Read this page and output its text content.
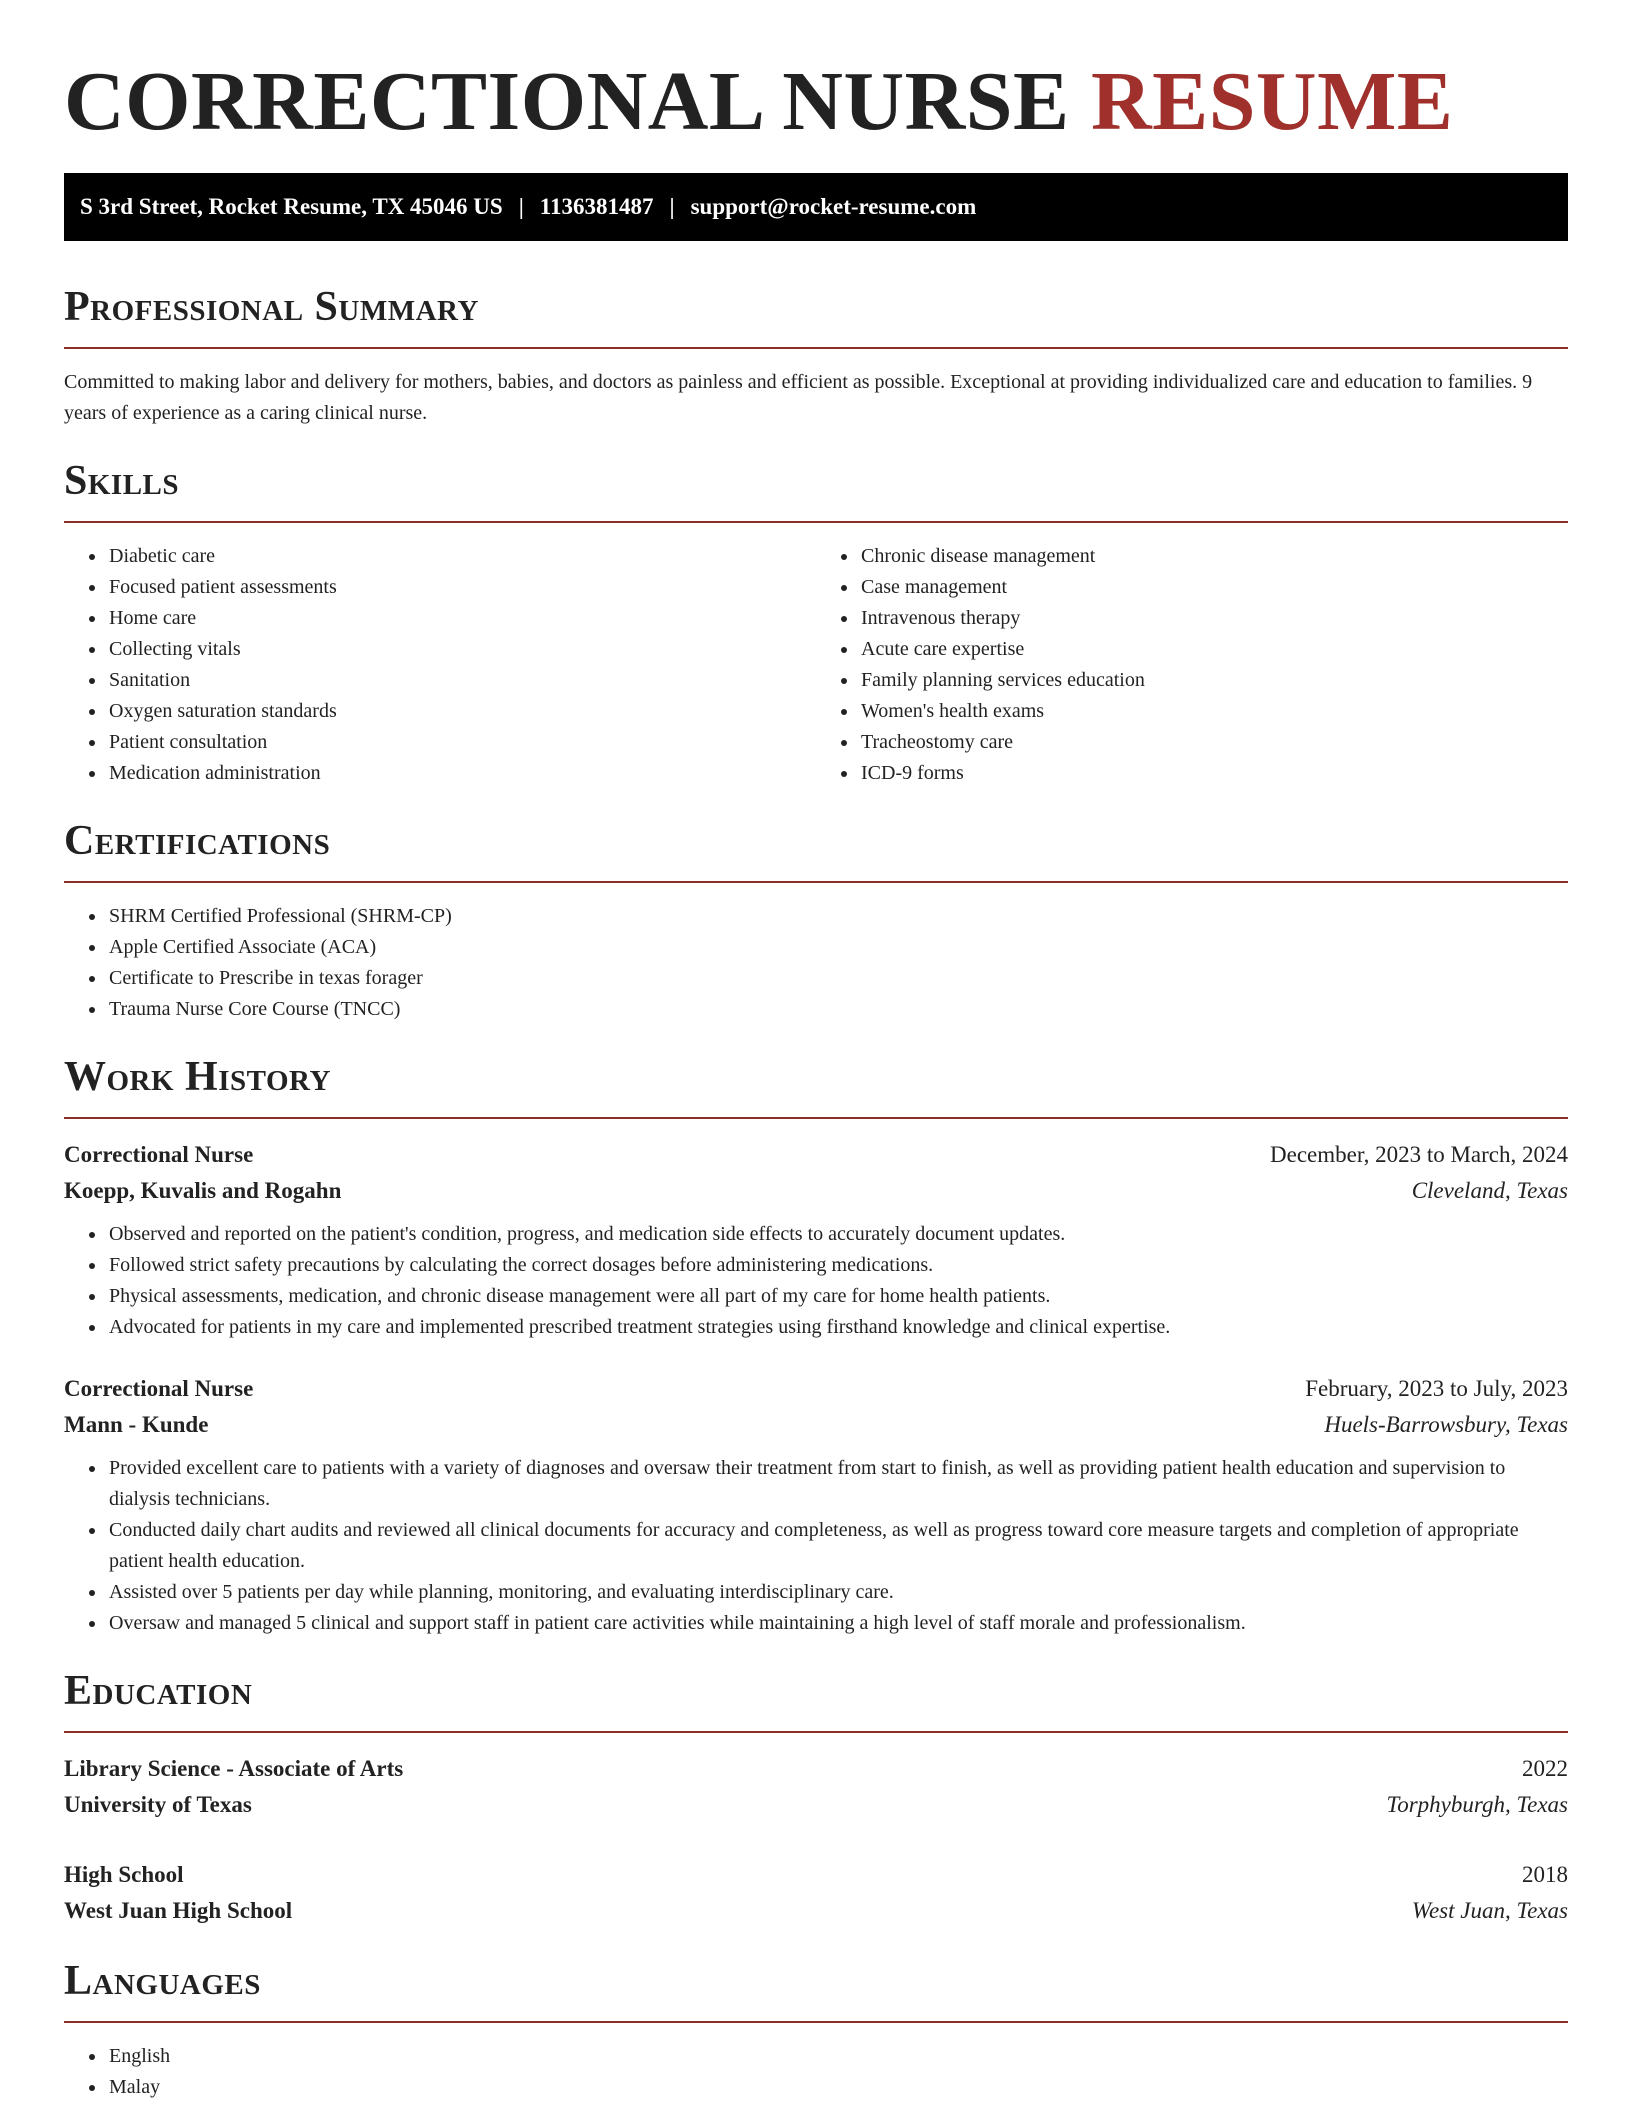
CORRECTIONAL NURSE RESUME
S 3rd Street, Rocket Resume, TX 45046 US | 1136381487 | support@rocket-resume.com
Professional Summary

Committed to making labor and delivery for mothers, babies, and doctors as painless and efficient as possible. Exceptional at providing individualized care and education to families. 9 years of experience as a caring clinical nurse.

Skills
• Diabetic care
• Focused patient assessments
• Home care
• Collecting vitals
• Sanitation
• Oxygen saturation standards
• Patient consultation
• Medication administration
• Chronic disease management
• Case management
• Intravenous therapy
• Acute care expertise
• Family planning services education
• Women's health exams
• Tracheostomy care
• ICD-9 forms
Certifications
• SHRM Certified Professional (SHRM-CP)
• Apple Certified Associate (ACA)
• Certificate to Prescribe in texas forager
• Trauma Nurse Core Course (TNCC)
Work History
Correctional Nurse	December, 2023 to March, 2024
Koepp, Kuvalis and Rogahn	Cleveland, Texas
• Observed and reported on the patient's condition, progress, and medication side effects to accurately document updates.
• Followed strict safety precautions by calculating the correct dosages before administering medications.
• Physical assessments, medication, and chronic disease management were all part of my care for home health patients.
• Advocated for patients in my care and implemented prescribed treatment strategies using firsthand knowledge and clinical expertise.
Correctional Nurse	February, 2023 to July, 2023
Mann - Kunde	Huels-Barrowsbury, Texas
• Provided excellent care to patients with a variety of diagnoses and oversaw their treatment from start to finish, as well as providing patient health education and supervision to dialysis technicians.
• Conducted daily chart audits and reviewed all clinical documents for accuracy and completeness, as well as progress toward core measure targets and completion of appropriate patient health education.
• Assisted over 5 patients per day while planning, monitoring, and evaluating interdisciplinary care.
• Oversaw and managed 5 clinical and support staff in patient care activities while maintaining a high level of staff morale and professionalism.
Education
Library Science - Associate of Arts	2022
University of Texas	Torphyburgh, Texas
High School	2018
West Juan High School	West Juan, Texas
Languages
• English
• Malay
